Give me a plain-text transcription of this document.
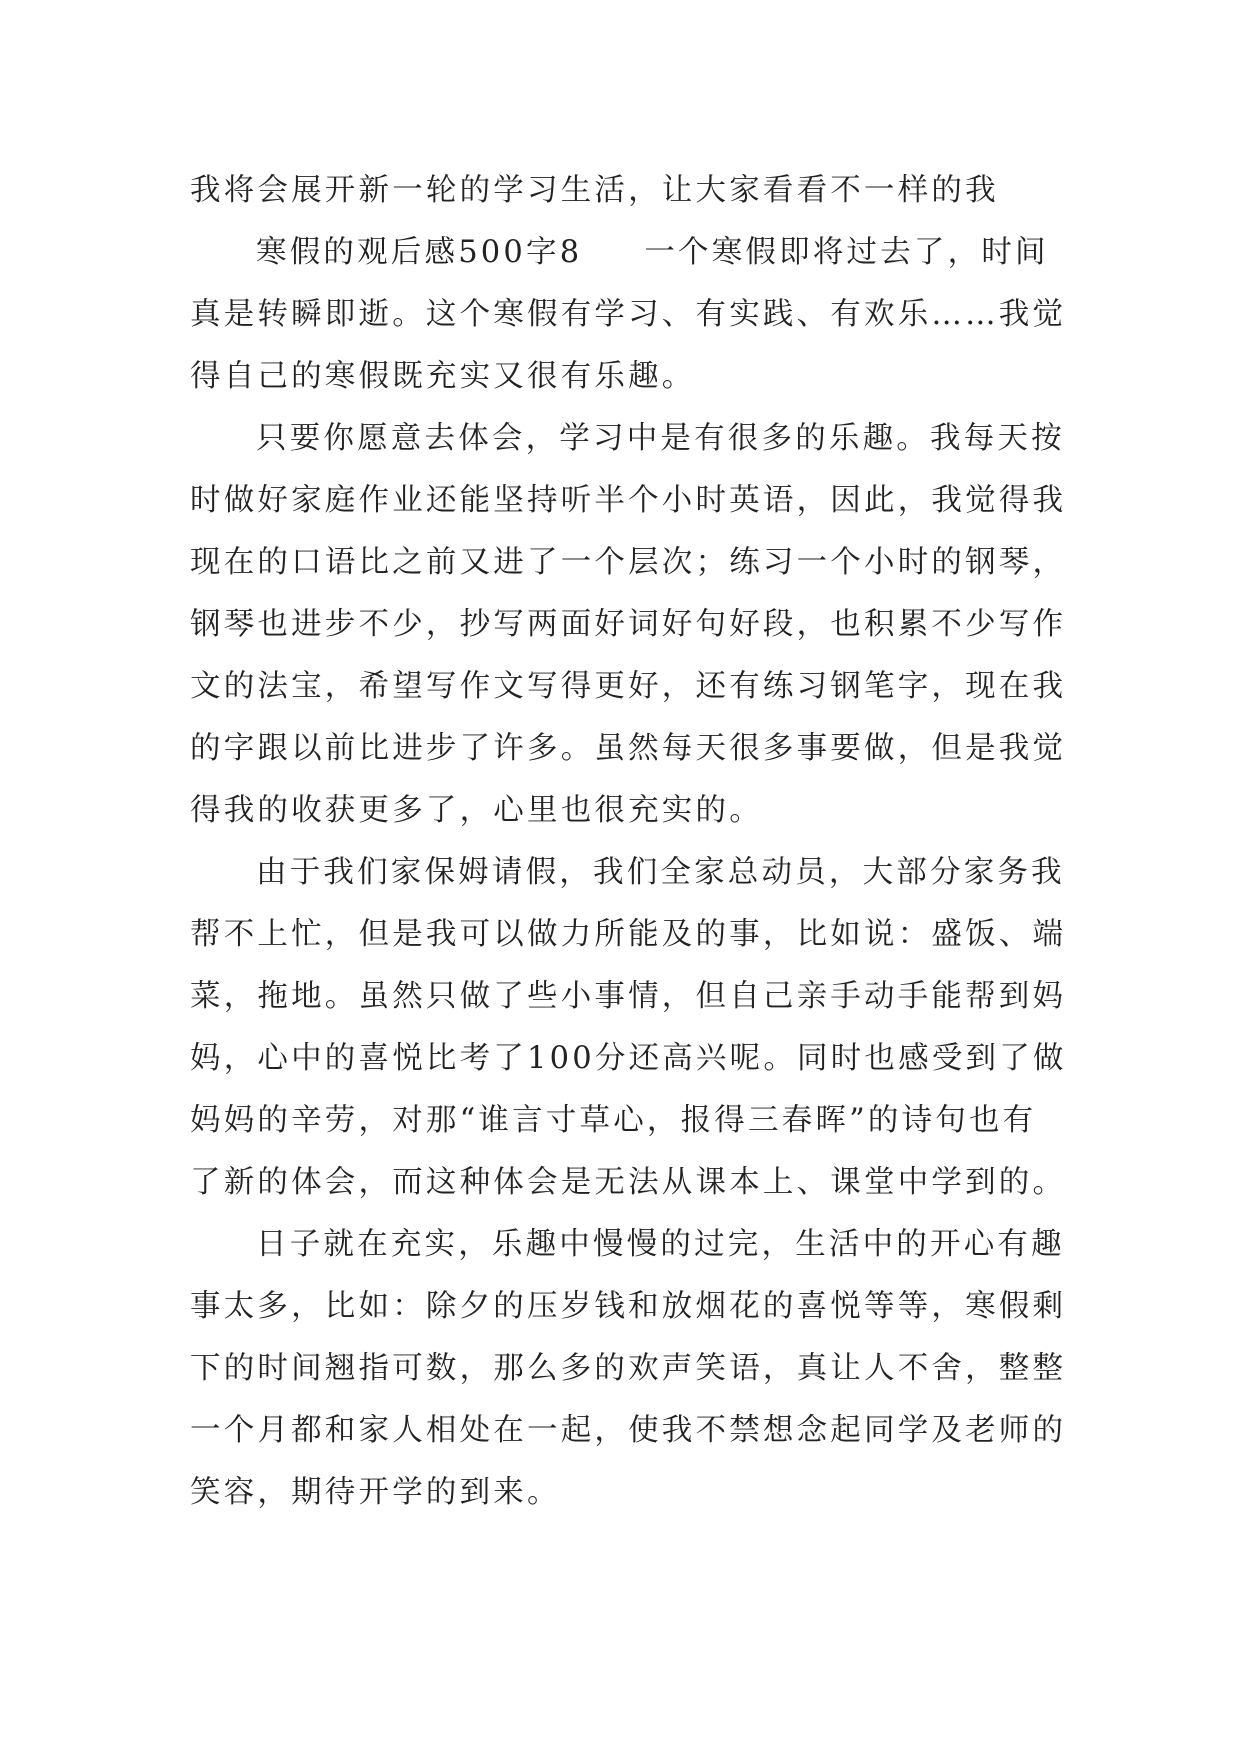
我将会展开新一轮的学习生活，让大家看看不一样的我
寒假的观后感500字8 一个寒假即将过去了，时间
真是转瞬即逝。这个寒假有学习、有实践、有欢乐……我觉
得自己的寒假既充实又很有乐趣。
只要你愿意去体会，学习中是有很多的乐趣。我每天按
时做好家庭作业还能坚持听半个小时英语，因此，我觉得我
现在的口语比之前又进了一个层次；练习一个小时的钢琴，
钢琴也进步不少，抄写两面好词好句好段，也积累不少写作
文的法宝，希望写作文写得更好，还有练习钢笔字，现在我
的字跟以前比进步了许多。虽然每天很多事要做，但是我觉
得我的收获更多了，心里也很充实的。
由于我们家保姆请假，我们全家总动员，大部分家务我
帮不上忙，但是我可以做力所能及的事，比如说：盛饭、端
菜，拖地。虽然只做了些小事情，但自己亲手动手能帮到妈
妈，心中的喜悦比考了100分还高兴呢。同时也感受到了做
妈妈的辛劳，对那“谁言寸草心，报得三春晖”的诗句也有
了新的体会，而这种体会是无法从课本上、课堂中学到的。
日子就在充实，乐趣中慢慢的过完，生活中的开心有趣
事太多，比如：除夕的压岁钱和放烟花的喜悦等等，寒假剩
下的时间翘指可数，那么多的欢声笑语，真让人不舍，整整
一个月都和家人相处在一起，使我不禁想念起同学及老师的
笑容，期待开学的到来。
